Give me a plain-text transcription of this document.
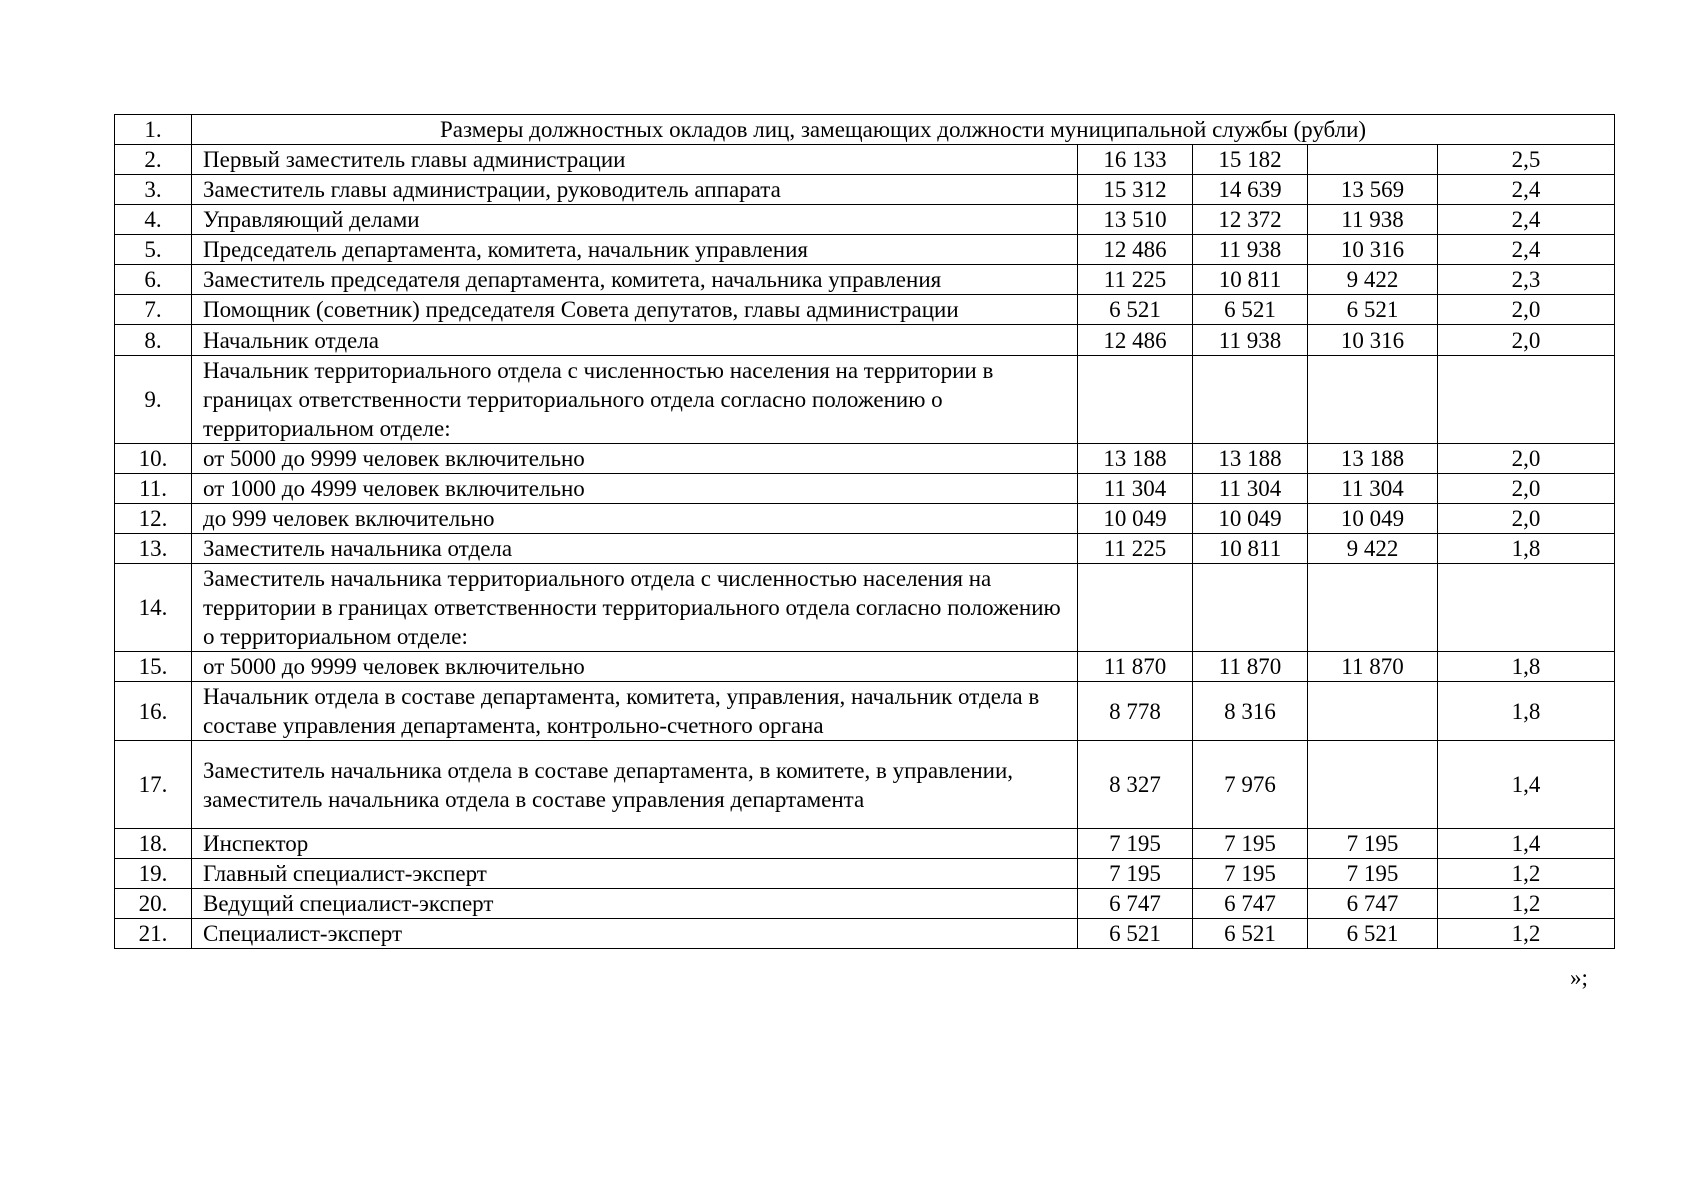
1.	Размеры должностных окладов лиц, замещающих должности муниципальной службы (рубли)				
2.	Первый заместитель главы администрации	16 133	15 182		2,5
3.	Заместитель главы администрации, руководитель аппарата	15 312	14 639	13 569	2,4
4.	Управляющий делами	13 510	12 372	11 938	2,4
5.	Председатель департамента, комитета, начальник управления	12 486	11 938	10 316	2,4
6.	Заместитель председателя департамента, комитета, начальника управления	11 225	10 811	9 422	2,3
7.	Помощник (советник) председателя Совета депутатов, главы администрации	6 521	6 521	6 521	2,0
8.	Начальник отдела	12 486	11 938	10 316	2,0
9.	Начальник территориального отдела с численностью населения на территории в границах ответственности территориального отдела согласно положению о территориальном отделе:				
10.	от 5000 до 9999 человек включительно	13 188	13 188	13 188	2,0
11.	от 1000 до 4999 человек включительно	11 304	11 304	11 304	2,0
12.	до 999 человек включительно	10 049	10 049	10 049	2,0
13.	Заместитель начальника отдела	11 225	10 811	9 422	1,8
14.	Заместитель начальника территориального отдела с численностью населения на территории в границах ответственности территориального отдела согласно положению о территориальном отделе:				
15.	от 5000 до 9999 человек включительно	11 870	11 870	11 870	1,8
16.	Начальник отдела в составе департамента, комитета, управления, начальник отдела в составе управления департамента, контрольно-счетного органа	8 778	8 316		1,8
17.	Заместитель начальника отдела в составе департамента, в комитете, в управлении, заместитель начальника отдела в составе управления департамента	8 327	7 976		1,4
18.	Инспектор	7 195	7 195	7 195	1,4
19.	Главный специалист-эксперт	7 195	7 195	7 195	1,2
20.	Ведущий специалист-эксперт	6 747	6 747	6 747	1,2
21.	Специалист-эксперт	6 521	6 521	6 521	1,2
»;
